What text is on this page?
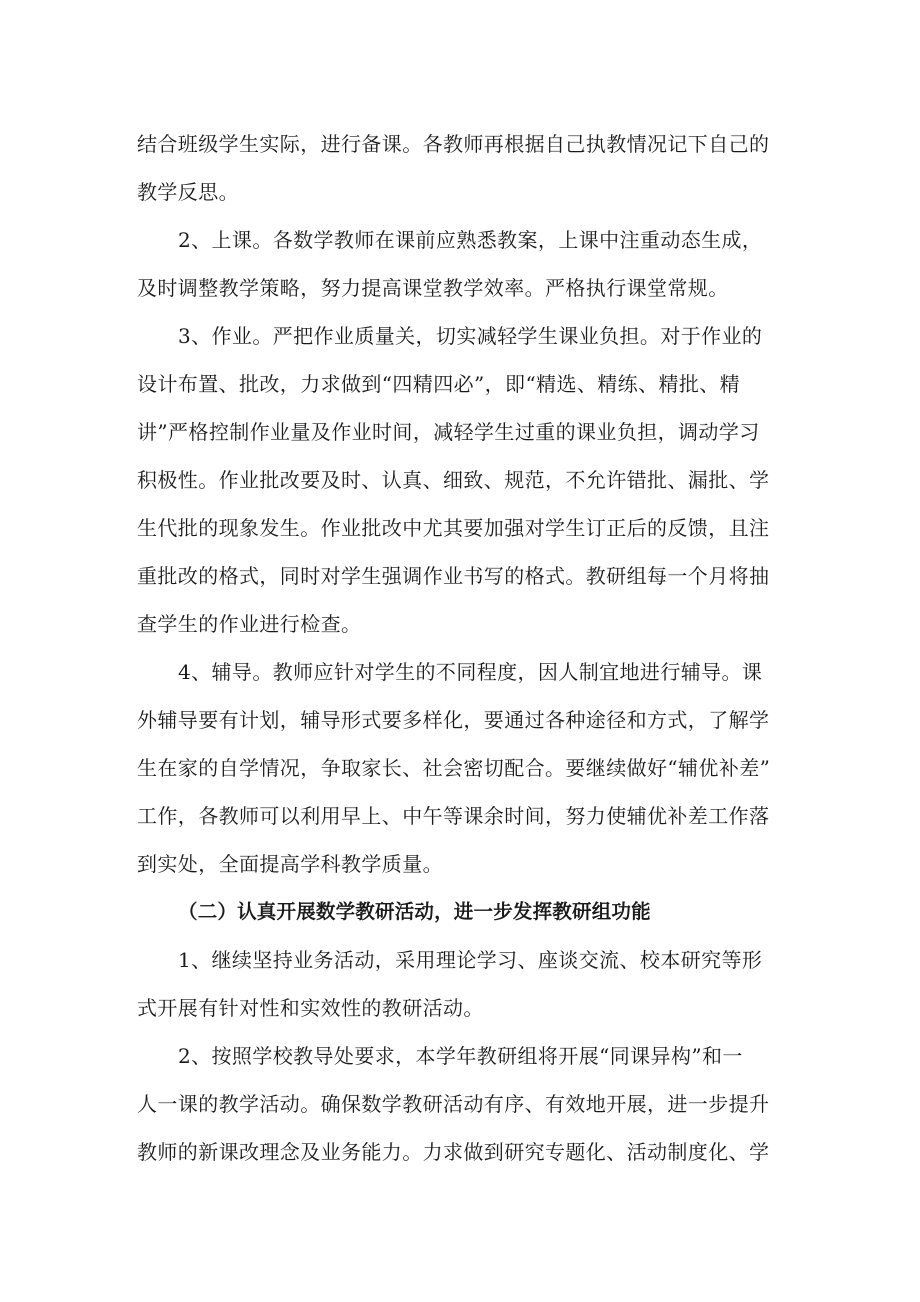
结合班级学生实际，进行备课。各教师再根据自己执教情况记下自己的
教学反思。
2、上课。各数学教师在课前应熟悉教案，上课中注重动态生成，
及时调整教学策略，努力提高课堂教学效率。严格执行课堂常规。
3、作业。严把作业质量关，切实减轻学生课业负担。对于作业的
设计布置、批改，力求做到“四精四必”，即“精选、精练、精批、精
讲”严格控制作业量及作业时间，减轻学生过重的课业负担，调动学习
积极性。作业批改要及时、认真、细致、规范，不允许错批、漏批、学
生代批的现象发生。作业批改中尤其要加强对学生订正后的反馈，且注
重批改的格式，同时对学生强调作业书写的格式。教研组每一个月将抽
查学生的作业进行检查。
4、辅导。教师应针对学生的不同程度，因人制宜地进行辅导。课
外辅导要有计划，辅导形式要多样化，要通过各种途径和方式，了解学
生在家的自学情况，争取家长、社会密切配合。要继续做好“辅优补差”
工作，各教师可以利用早上、中午等课余时间，努力使辅优补差工作落
到实处，全面提高学科教学质量。
（二）认真开展数学教研活动，进一步发挥教研组功能
1、继续坚持业务活动，采用理论学习、座谈交流、校本研究等形
式开展有针对性和实效性的教研活动。
2、按照学校教导处要求，本学年教研组将开展“同课异构”和一
人一课的教学活动。确保数学教研活动有序、有效地开展，进一步提升
教师的新课改理念及业务能力。力求做到研究专题化、活动制度化、学
